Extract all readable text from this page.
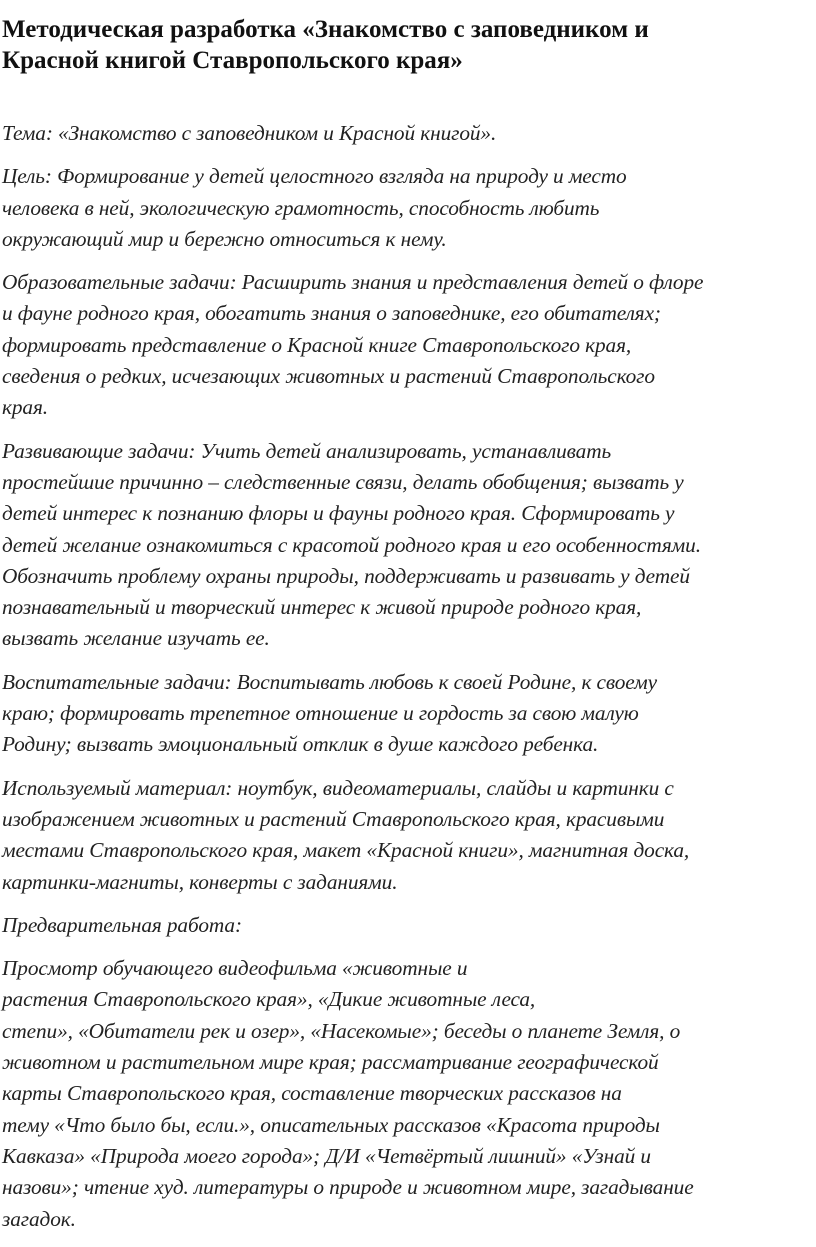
Методическая разработка «Знакомство с заповедником и
Красной книгой Ставропольского края»

Тема: «Знакомство с заповедником и Красной книгой».

Цель: Формирование у детей целостного взгляда на природу и место
человека в ней, экологическую грамотность, способность любить
окружающий мир и бережно относиться к нему.

Образовательные задачи: Расширить знания и представления детей о флоре
и фауне родного края, обогатить знания о заповеднике, его обитателях;
формировать представление о Красной книге Ставропольского края,
сведения о редких, исчезающих животных и растений Ставропольского
края.

Развивающие задачи: Учить детей анализировать, устанавливать
простейшие причинно – следственные связи, делать обобщения; вызвать у
детей интерес к познанию флоры и фауны родного края. Сформировать у
детей желание ознакомиться с красотой родного края и его особенностями.
Обозначить проблему охраны природы, поддерживать и развивать у детей
познавательный и творческий интерес к живой природе родного края,
вызвать желание изучать ее.

Воспитательные задачи: Воспитывать любовь к своей Родине, к своему
краю; формировать трепетное отношение и гордость за свою малую
Родину; вызвать эмоциональный отклик в душе каждого ребенка.

Используемый материал: ноутбук, видеоматериалы, слайды и картинки с
изображением животных и растений Ставропольского края, красивыми
местами Ставропольского края, макет «Красной книги», магнитная доска,
картинки-магниты, конверты с заданиями.

Предварительная работа:

Просмотр обучающего видеофильма «животные и
растения Ставропольского края», «Дикие животные леса,
степи», «Обитатели рек и озер», «Насекомые»; беседы о планете Земля, о
животном и растительном мире края; рассматривание географической
карты Ставропольского края, составление творческих рассказов на
тему «Что было бы, если.», описательных рассказов «Красота природы
Кавказа» «Природа моего города»; Д/И «Четвёртый лишний» «Узнай и
назови»; чтение худ. литературы о природе и животном мире, загадывание
загадок.
